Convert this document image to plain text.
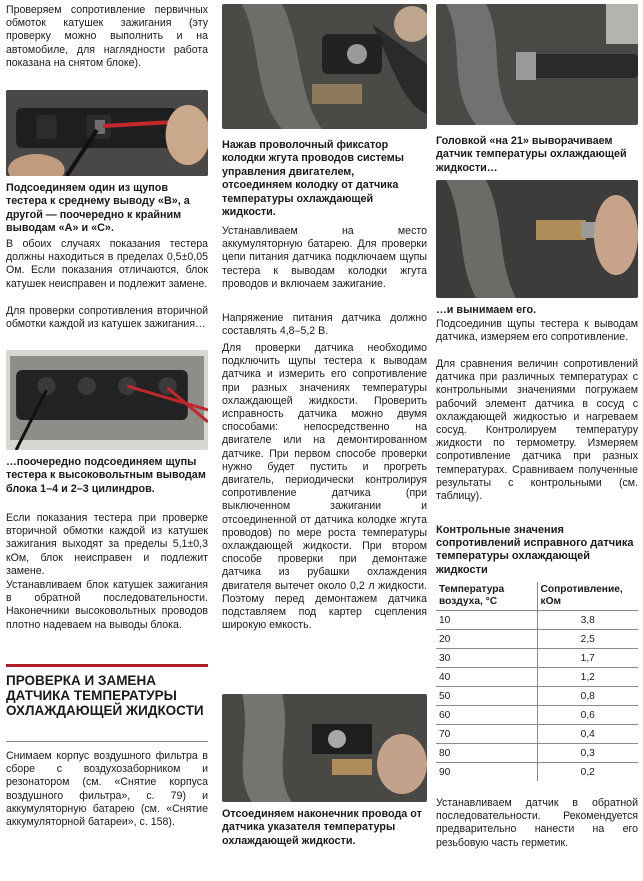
Проверяем сопротивление первичных обмоток катушек зажигания (эту проверку можно выполнить и на автомобиле, для наглядности работа показана на снятом блоке).

Подсоединяем один из щупов тестера к среднему выводу «B», а другой — поочередно к крайним выводам «А» и «С».

В обоих случаях показания тестера должны находиться в пределах 0,5±0,05 Ом. Если показания отличаются, блок катушек неисправен и подлежит замене.

Для проверки сопротивления вторичной обмотки каждой из катушек зажигания…

…поочередно подсоединяем щупы тестера к высоковольтным выводам блока 1–4 и 2–3 цилиндров.

Если показания тестера при проверке вторичной обмотки каждой из катушек зажигания выходят за пределы 5,1±0,3 кОм, блок неисправен и подлежит замене.

Устанавливаем блок катушек зажигания в обратной последовательности. Наконечники высоковольтных проводов плотно надеваем на выводы блока.

ПРОВЕРКА И ЗАМЕНА ДАТЧИКА ТЕМПЕРАТУРЫ ОХЛАЖДАЮЩЕЙ ЖИДКОСТИ

Снимаем корпус воздушного фильтра в сборе с воздухозаборником и резонатором (см. «Снятие корпуса воздушного фильтра», с. 79) и аккумуляторную батарею (см. «Снятие аккумуляторной батареи», с. 158).

Нажав проволочный фиксатор колодки жгута проводов системы управления двигателем, отсоединяем колодку от датчика температуры охлаждающей жидкости.

Устанавливаем на место аккумуляторную батарею. Для проверки цепи питания датчика подключаем щупы тестера к выводам колодки жгута проводов и включаем зажигание.

Напряжение питания датчика должно составлять 4,8–5,2 В.

Для проверки датчика необходимо подключить щупы тестера к выводам датчика и измерить его сопротивление при разных значениях температуры охлаждающей жидкости. Проверить исправность датчика можно двумя способами: непосредственно на двигателе или на демонтированном датчике. При первом способе проверки нужно будет пустить и прогреть двигатель, периодически контролируя сопротивление датчика (при выключенном зажигании и отсоединенной от датчика колодке жгута проводов) по мере роста температуры охлаждающей жидкости. При втором способе проверки при демонтаже датчика из рубашки охлаждения двигателя вытечет около 0,2 л жидкости. Поэтому перед демонтажем датчика подставляем под картер сцепления широкую емкость.

Отсоединяем наконечник провода от датчика указателя температуры охлаждающей жидкости.

Головкой «на 21» выворачиваем датчик температуры охлаждающей жидкости…

…и вынимаем его.

Подсоединив щупы тестера к выводам датчика, измеряем его сопротивление.

Для сравнения величин сопротивлений датчика при различных температурах с контрольными значениями погружаем рабочий элемент датчика в сосуд с охлаждающей жидкостью и нагреваем сосуд. Контролируем температуру жидкости по термометру. Измеряем сопротивление датчика при разных температурах. Сравниваем полученные результаты с контрольными (см. таблицу).

Контрольные значения сопротивлений исправного датчика температуры охлаждающей жидкости

Температура воздуха, °С	Сопротивление, кОм
10	3,8
20	2,5
30	1,7
40	1,2
50	0,8
60	0,6
70	0,4
80	0,3
90	0,2

Устанавливаем датчик в обратной последовательности. Рекомендуется предварительно нанести на его резьбовую часть герметик.
